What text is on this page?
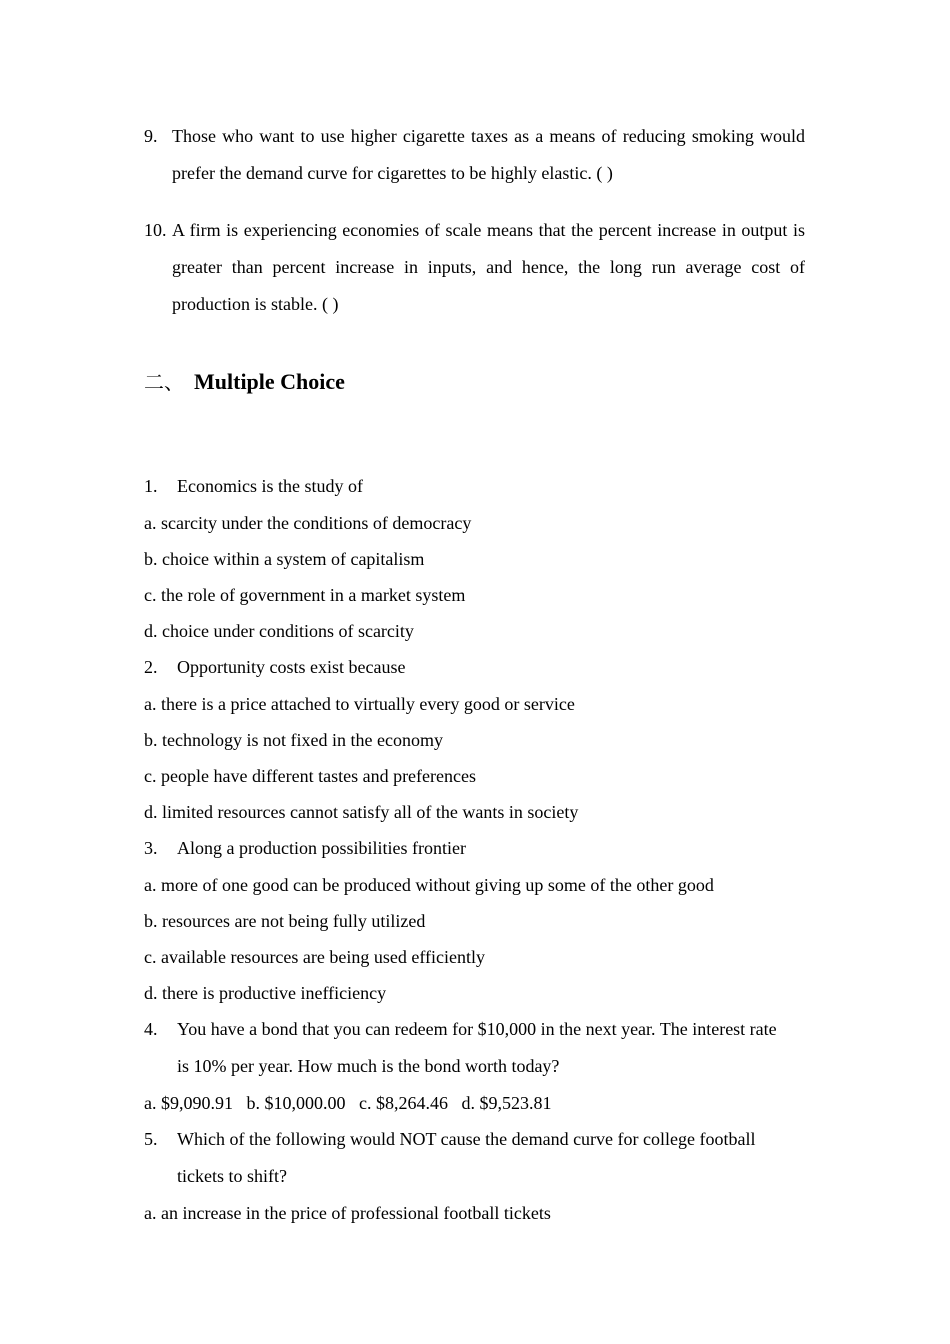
9. Those who want to use higher cigarette taxes as a means of reducing smoking would prefer the demand curve for cigarettes to be highly elastic. ( )
10. A firm is experiencing economies of scale means that the percent increase in output is greater than percent increase in inputs, and hence, the long run average cost of production is stable. ( )
二、 Multiple Choice
1. Economics is the study of
a. scarcity under the conditions of democracy
b. choice within a system of capitalism
c. the role of government in a market system
d. choice under conditions of scarcity
2. Opportunity costs exist because
a. there is a price attached to virtually every good or service
b. technology is not fixed in the economy
c. people have different tastes and preferences
d. limited resources cannot satisfy all of the wants in society
3. Along a production possibilities frontier
a. more of one good can be produced without giving up some of the other good
b. resources are not being fully utilized
c. available resources are being used efficiently
d. there is productive inefficiency
4. You have a bond that you can redeem for $10,000 in the next year. The interest rate is 10% per year. How much is the bond worth today?
a. $9,090.91   b. $10,000.00   c. $8,264.46   d. $9,523.81
5. Which of the following would NOT cause the demand curve for college football tickets to shift?
a. an increase in the price of professional football tickets
